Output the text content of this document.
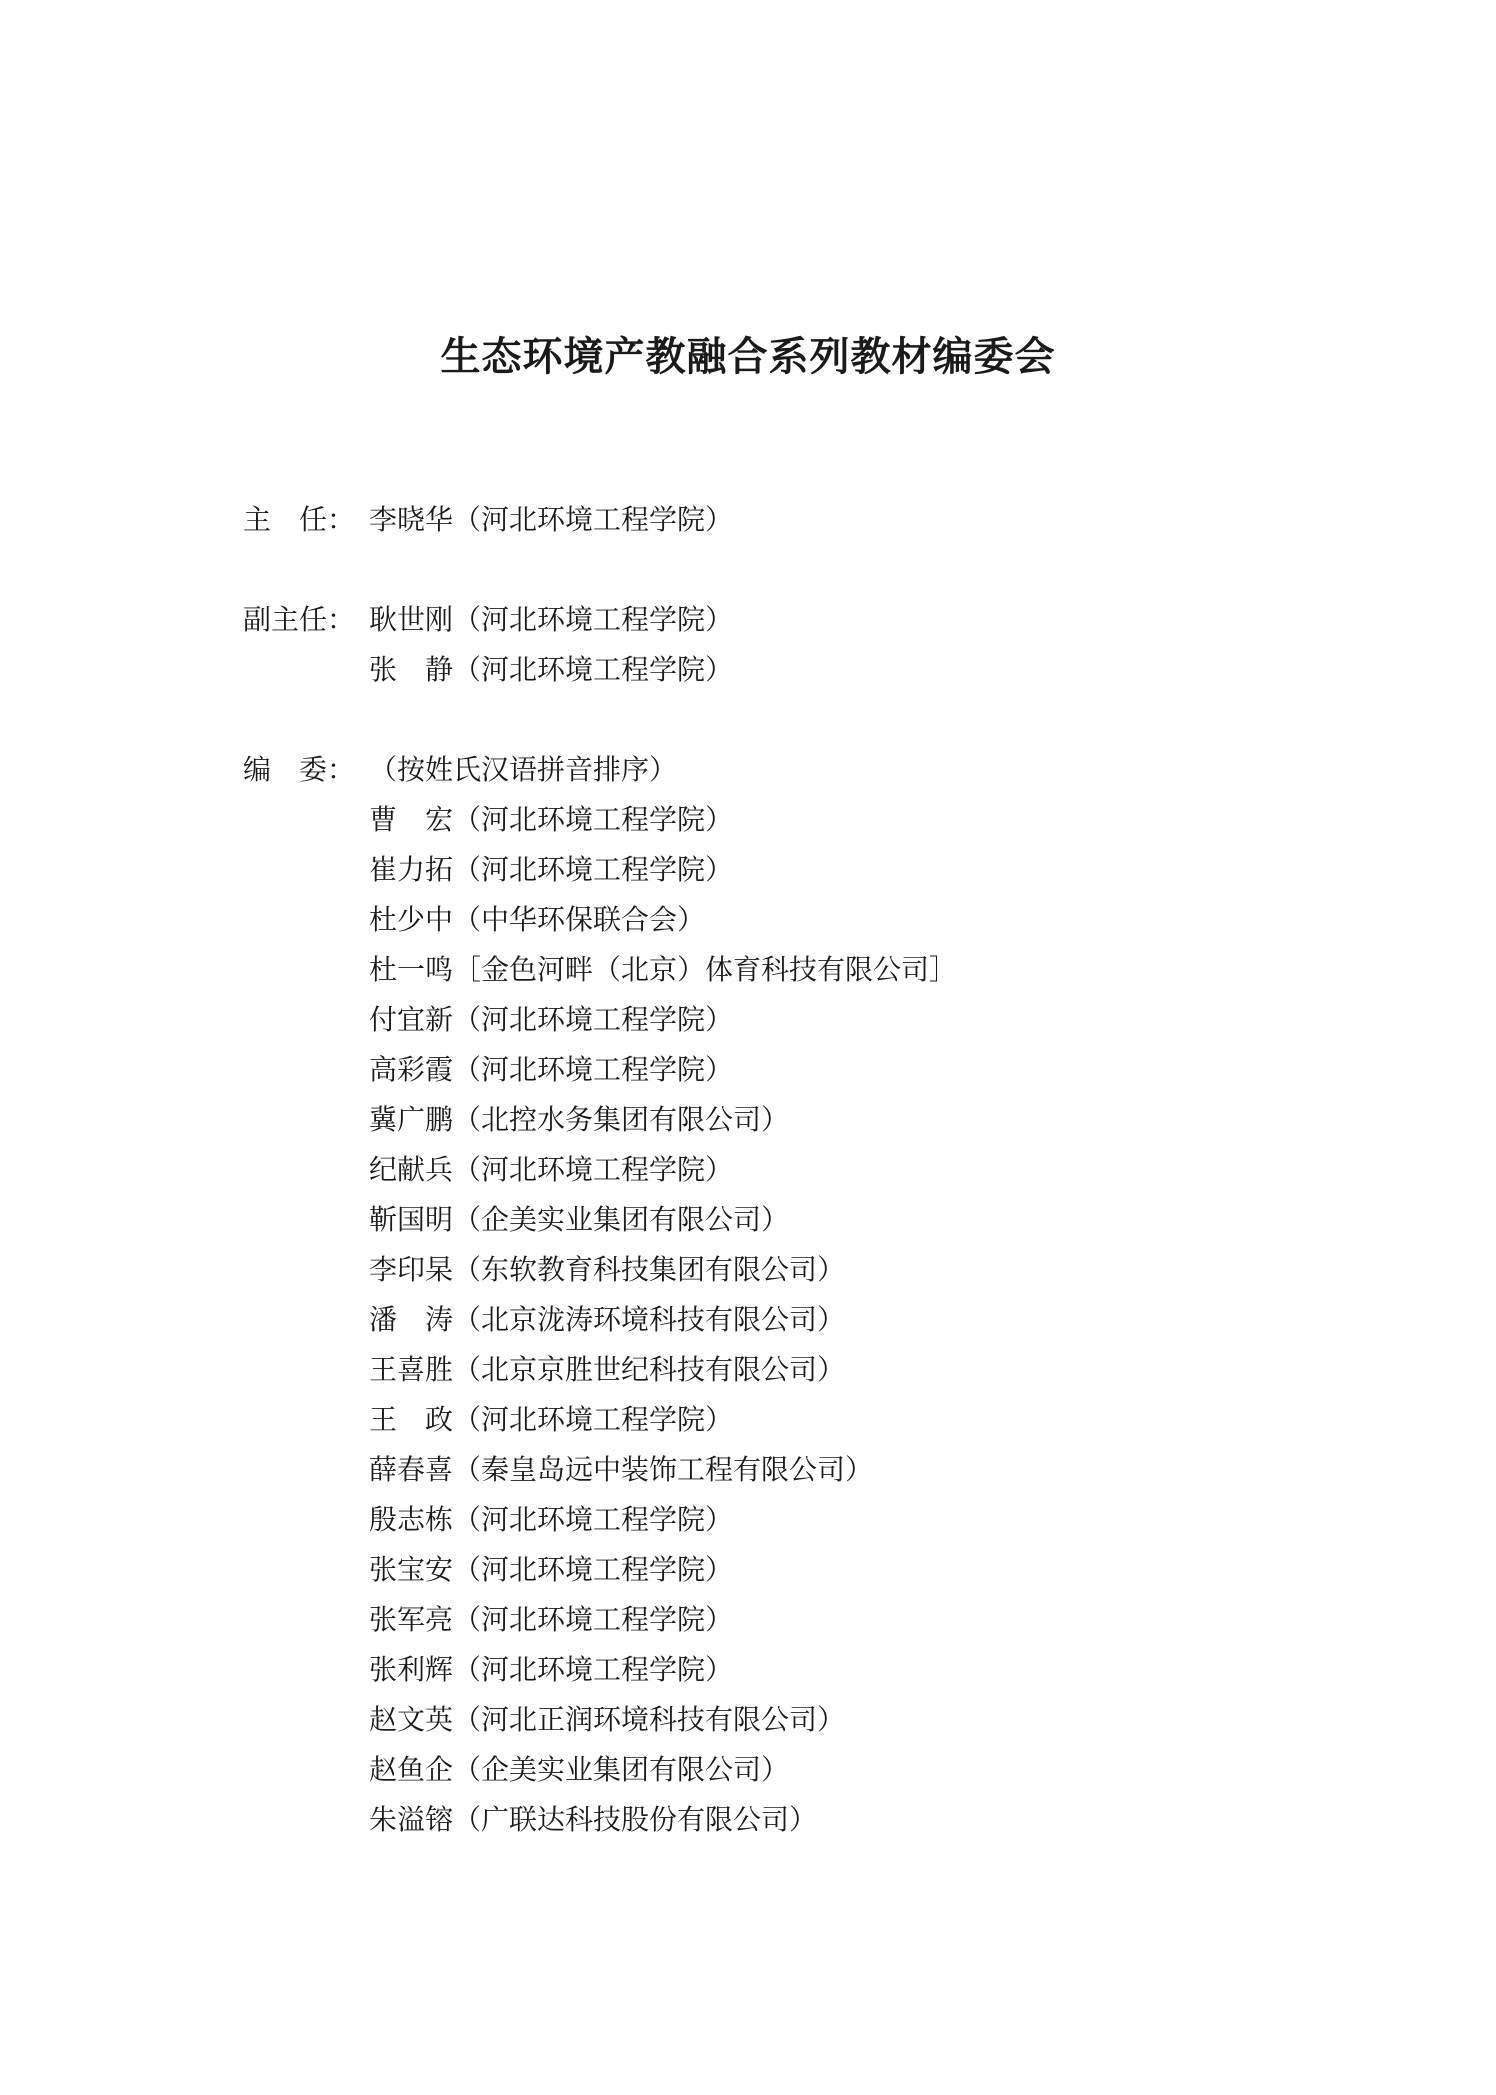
生态环境产教融合系列教材编委会
主　任： 李晓华（河北环境工程学院）
副主任： 耿世刚（河北环境工程学院）
张　静（河北环境工程学院）
编　委： （按姓氏汉语拼音排序）
曹　宏（河北环境工程学院）
崔力拓（河北环境工程学院）
杜少中（中华环保联合会）
杜一鸣［金色河畔（北京）体育科技有限公司］
付宜新（河北环境工程学院）
高彩霞（河北环境工程学院）
冀广鹏（北控水务集团有限公司）
纪献兵（河北环境工程学院）
靳国明（企美实业集团有限公司）
李印杲（东软教育科技集团有限公司）
潘　涛（北京泷涛环境科技有限公司）
王喜胜（北京京胜世纪科技有限公司）
王　政（河北环境工程学院）
薛春喜（秦皇岛远中装饰工程有限公司）
殷志栋（河北环境工程学院）
张宝安（河北环境工程学院）
张军亮（河北环境工程学院）
张利辉（河北环境工程学院）
赵文英（河北正润环境科技有限公司）
赵鱼企（企美实业集团有限公司）
朱溢镕（广联达科技股份有限公司）
